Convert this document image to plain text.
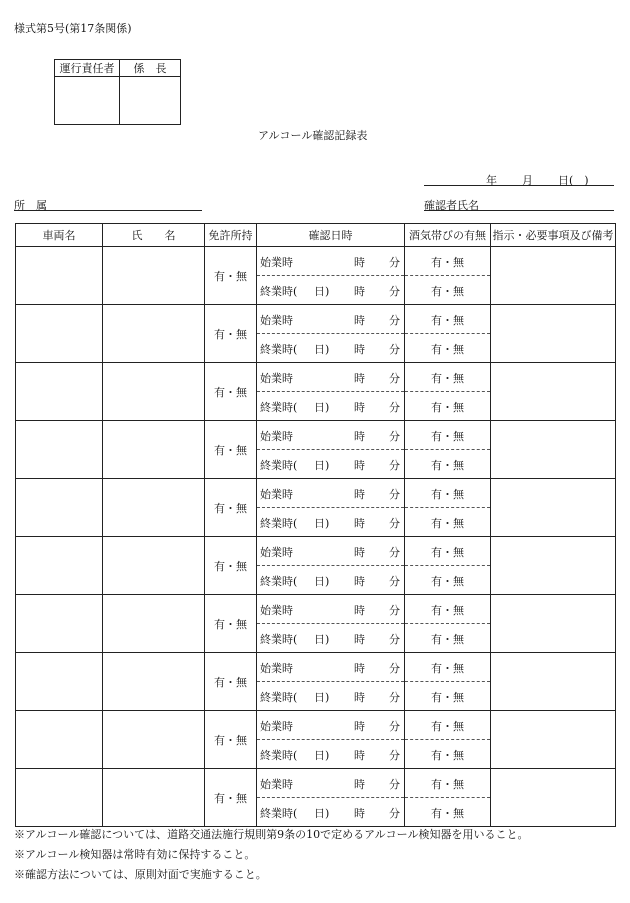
様式第5号(第17条関係)
運行責任者	係　長

アルコール確認記録表
年 月 日(　)
所　属	確認者氏名
車両名	氏　　名	免許所持	確認日時	酒気帯びの有無	指示・必要事項及び備考
		有・無	始業時 時 分	有・無	

			終業時( 日) 時 分	有・無	

		有・無	始業時 時 分	有・無	

			終業時( 日) 時 分	有・無	

		有・無	始業時 時 分	有・無	

			終業時( 日) 時 分	有・無	

		有・無	始業時 時 分	有・無	

			終業時( 日) 時 分	有・無	

		有・無	始業時 時 分	有・無	

			終業時( 日) 時 分	有・無	

		有・無	始業時 時 分	有・無	

			終業時( 日) 時 分	有・無	

		有・無	始業時 時 分	有・無	

			終業時( 日) 時 分	有・無	

		有・無	始業時 時 分	有・無	

			終業時( 日) 時 分	有・無	

		有・無	始業時 時 分	有・無	

			終業時( 日) 時 分	有・無	

		有・無	始業時 時 分	有・無	

			終業時( 日) 時 分	有・無	
※アルコール確認については、道路交通法施行規則第9条の10で定めるアルコール検知器を用いること。
※アルコール検知器は常時有効に保持すること。
※確認方法については、原則対面で実施すること。
